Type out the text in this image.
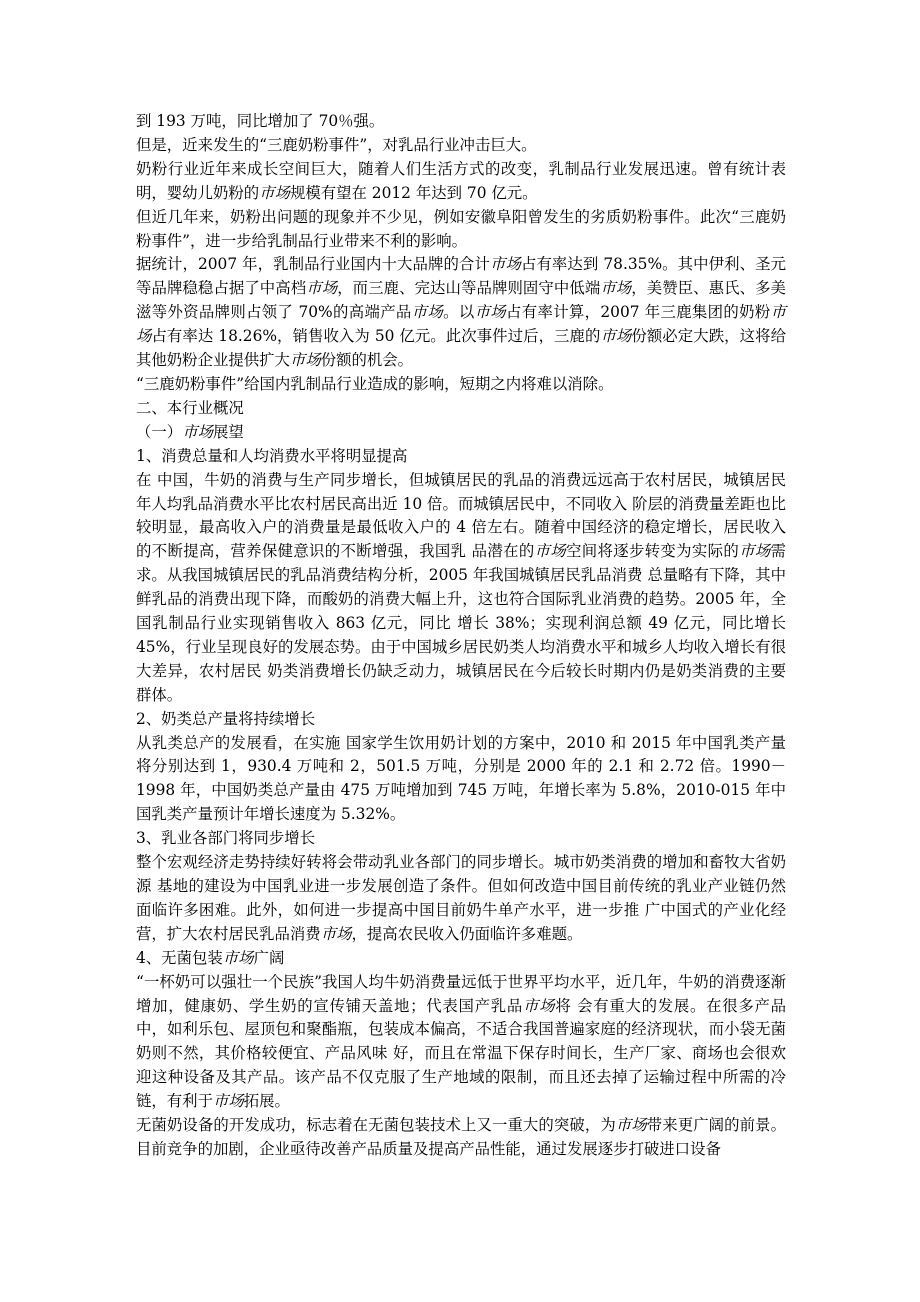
到 193 万吨，同比增加了 70％强。

但是，近来发生的“三鹿奶粉事件”，对乳品行业冲击巨大。

奶粉行业近年来成长空间巨大，随着人们生活方式的改变，乳制品行业发展迅速。曾有统计表明，婴幼儿奶粉的市场规模有望在 2012 年达到 70 亿元。

但近几年来，奶粉出问题的现象并不少见，例如安徽阜阳曾发生的劣质奶粉事件。此次“三鹿奶粉事件”，进一步给乳制品行业带来不利的影响。

据统计，2007 年，乳制品行业国内十大品牌的合计市场占有率达到 78.35%。其中伊利、圣元等品牌稳稳占据了中高档市场，而三鹿、完达山等品牌则固守中低端市场，美赞臣、惠氏、多美滋等外资品牌则占领了 70%的高端产品市场。以市场占有率计算，2007 年三鹿集团的奶粉市场占有率达 18.26%，销售收入为 50 亿元。此次事件过后，三鹿的市场份额必定大跌，这将给其他奶粉企业提供扩大市场份额的机会。

“三鹿奶粉事件”给国内乳制品行业造成的影响，短期之内将难以消除。

二、本行业概况

（一）市场展望

1、消费总量和人均消费水平将明显提高

在 中国，牛奶的消费与生产同步增长，但城镇居民的乳品的消费远远高于农村居民，城镇居民年人均乳品消费水平比农村居民高出近 10 倍。而城镇居民中，不同收入 阶层的消费量差距也比较明显，最高收入户的消费量是最低收入户的 4 倍左右。随着中国经济的稳定增长，居民收入的不断提高，营养保健意识的不断增强，我国乳 品潜在的市场空间将逐步转变为实际的市场需求。从我国城镇居民的乳品消费结构分析，2005 年我国城镇居民乳品消费 总量略有下降，其中鲜乳品的消费出现下降，而酸奶的消费大幅上升，这也符合国际乳业消费的趋势。2005 年，全国乳制品行业实现销售收入 863 亿元，同比 增长 38%；实现利润总额 49 亿元，同比增长 45%，行业呈现良好的发展态势。由于中国城乡居民奶类人均消费水平和城乡人均收入增长有很大差异，农村居民 奶类消费增长仍缺乏动力，城镇居民在今后较长时期内仍是奶类消费的主要群体。

2、奶类总产量将持续增长

从乳类总产的发展看，在实施 国家学生饮用奶计划的方案中，2010 和 2015 年中国乳类产量将分别达到 1，930.4 万吨和 2，501.5 万吨，分别是 2000 年的 2.1 和 2.72 倍。1990－1998 年，中国奶类总产量由 475 万吨增加到 745 万吨，年增长率为 5.8%，2010-015 年中国乳类产量预计年增长速度为 5.32%。

3、乳业各部门将同步增长

整个宏观经济走势持续好转将会带动乳业各部门的同步增长。城市奶类消费的增加和畜牧大省奶源 基地的建设为中国乳业进一步发展创造了条件。但如何改造中国目前传统的乳业产业链仍然面临许多困难。此外，如何进一步提高中国目前奶牛单产水平，进一步推 广中国式的产业化经营，扩大农村居民乳品消费市场，提高农民收入仍面临许多难题。

4、无菌包装市场广阔

“一杯奶可以强壮一个民族”我国人均牛奶消费量远低于世界平均水平，近几年，牛奶的消费逐渐增加，健康奶、学生奶的宣传铺天盖地；代表国产乳品市场将 会有重大的发展。在很多产品中，如利乐包、屋顶包和聚酯瓶，包装成本偏高，不适合我国普遍家庭的经济现状，而小袋无菌奶则不然，其价格较便宜、产品风味 好，而且在常温下保存时间长，生产厂家、商场也会很欢迎这种设备及其产品。该产品不仅克服了生产地域的限制，而且还去掉了运输过程中所需的冷链，有利于市场拓展。

无菌奶设备的开发成功，标志着在无菌包装技术上又一重大的突破，为市场带来更广阔的前景。目前竞争的加剧，企业亟待改善产品质量及提高产品性能，通过发展逐步打破进口设备
